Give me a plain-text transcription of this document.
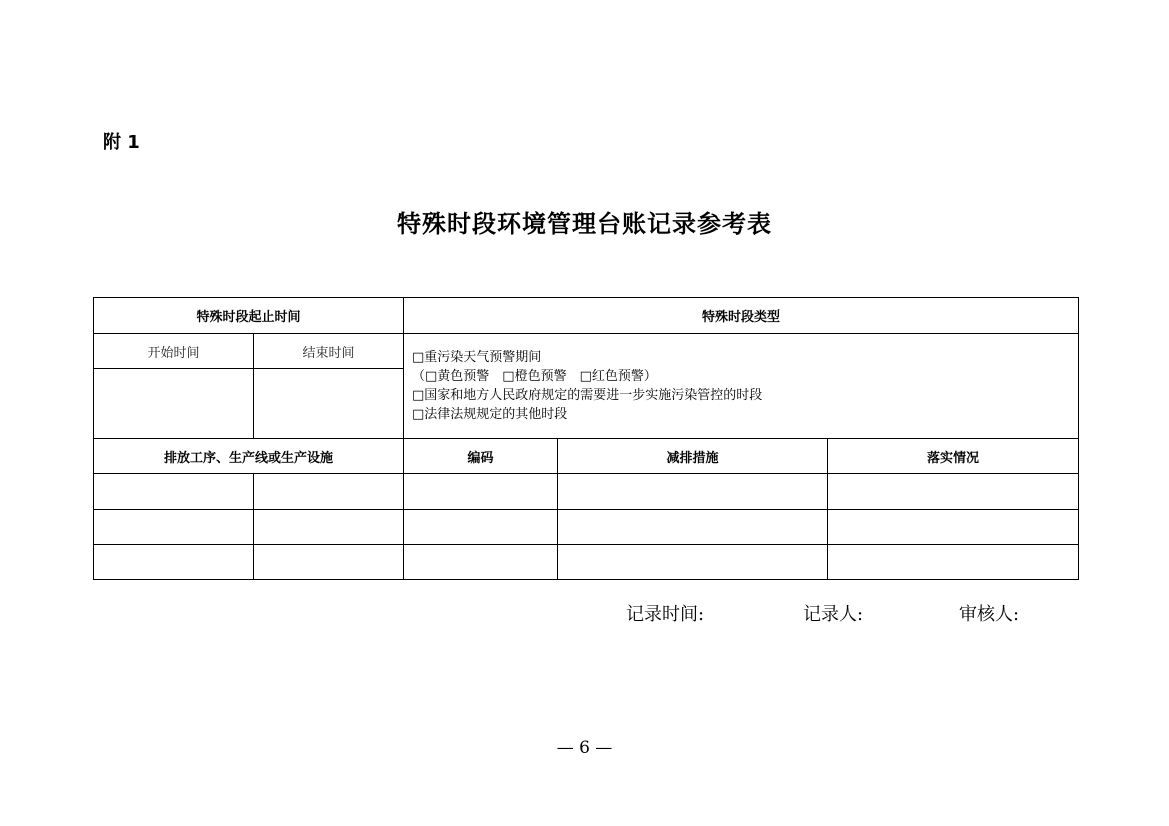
附 1
特殊时段环境管理台账记录参考表
特殊时段起止时间		特殊时段类型		
开始时间	结束时间	□重污染天气预警期间
（□黄色预警　□橙色预警　□红色预警）
□国家和地方人民政府规定的需要进一步实施污染管控的时段
□法律法规规定的其他时段		

排放工序、生产线或生产设施		编码	减排措施	落实情况

记录时间:	记录人:	审核人:
— 6 —
